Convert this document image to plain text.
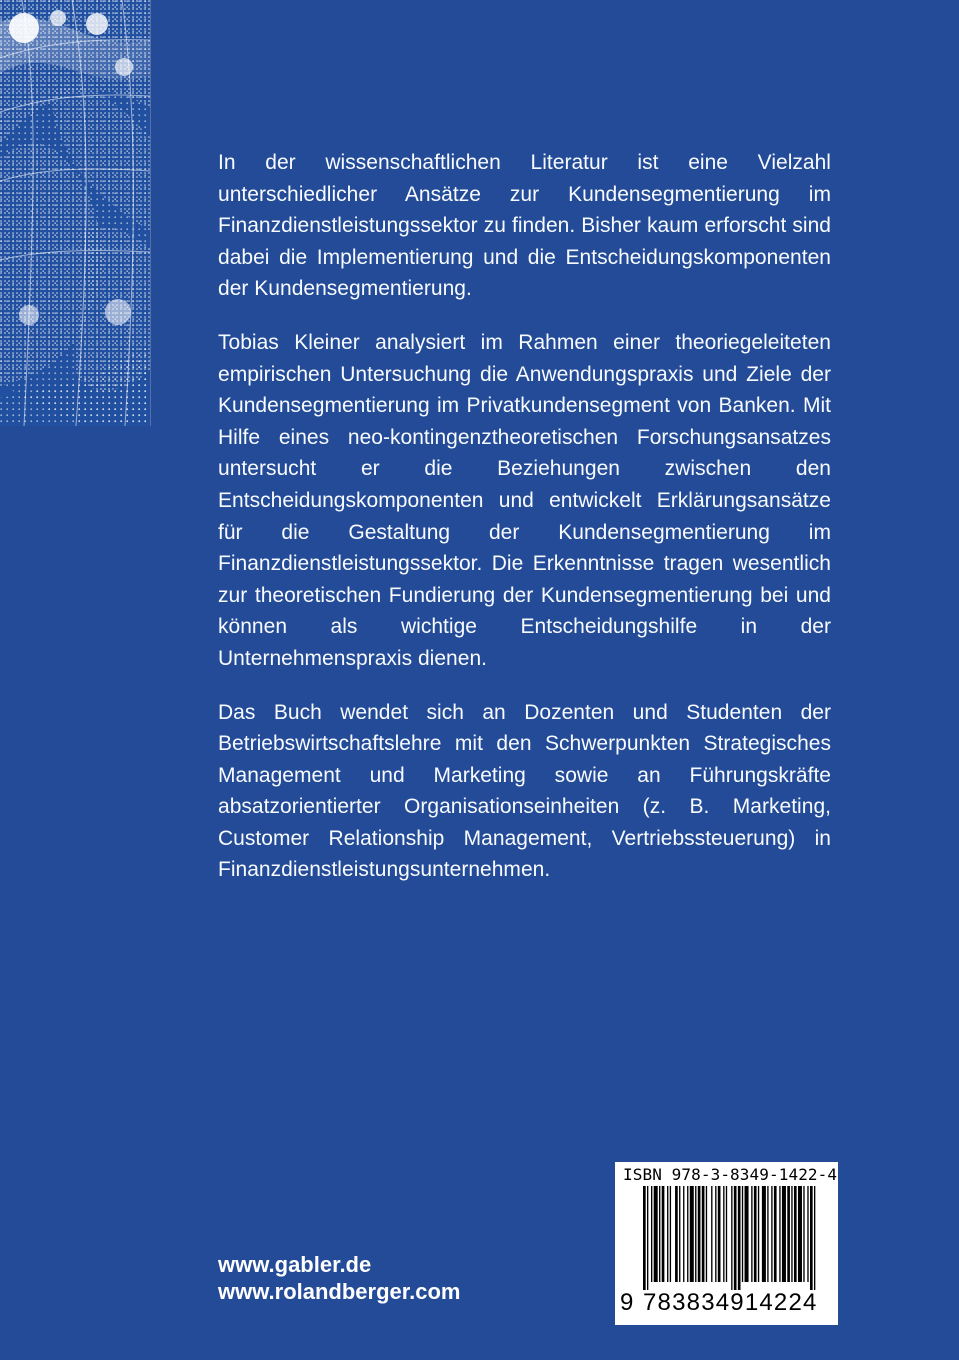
In der wissenschaftlichen Literatur ist eine Vielzahl unterschiedlicher Ansätze zur Kundensegmentierung im Finanzdienstleistungssektor zu finden. Bisher kaum erforscht sind dabei die Implementierung und die Entscheidungskomponenten der Kundensegmentierung.

Tobias Kleiner analysiert im Rahmen einer theoriegeleiteten empirischen Untersuchung die Anwendungspraxis und Ziele der Kundensegmentierung im Privatkundensegment von Banken. Mit Hilfe eines neo-kontingenztheoretischen Forschungsansatzes untersucht er die Beziehungen zwischen den Entscheidungskomponenten und entwickelt Erklärungsansätze für die Gestaltung der Kundensegmentierung im Finanzdienstleistungssektor. Die Erkenntnisse tragen wesentlich zur theoretischen Fundierung der Kundensegmentierung bei und können als wichtige Entscheidungshilfe in der Unternehmenspraxis dienen.

Das Buch wendet sich an Dozenten und Studenten der Betriebswirtschaftslehre mit den Schwerpunkten Strategisches Management und Marketing sowie an Führungskräfte absatzorientierter Organisationseinheiten (z. B. Marketing, Customer Relationship Management, Vertriebssteuerung) in Finanzdienstleistungsunternehmen.

www.gabler.de
www.rolandberger.com
ISBN 978-3-8349-1422-4
9 783834914224
